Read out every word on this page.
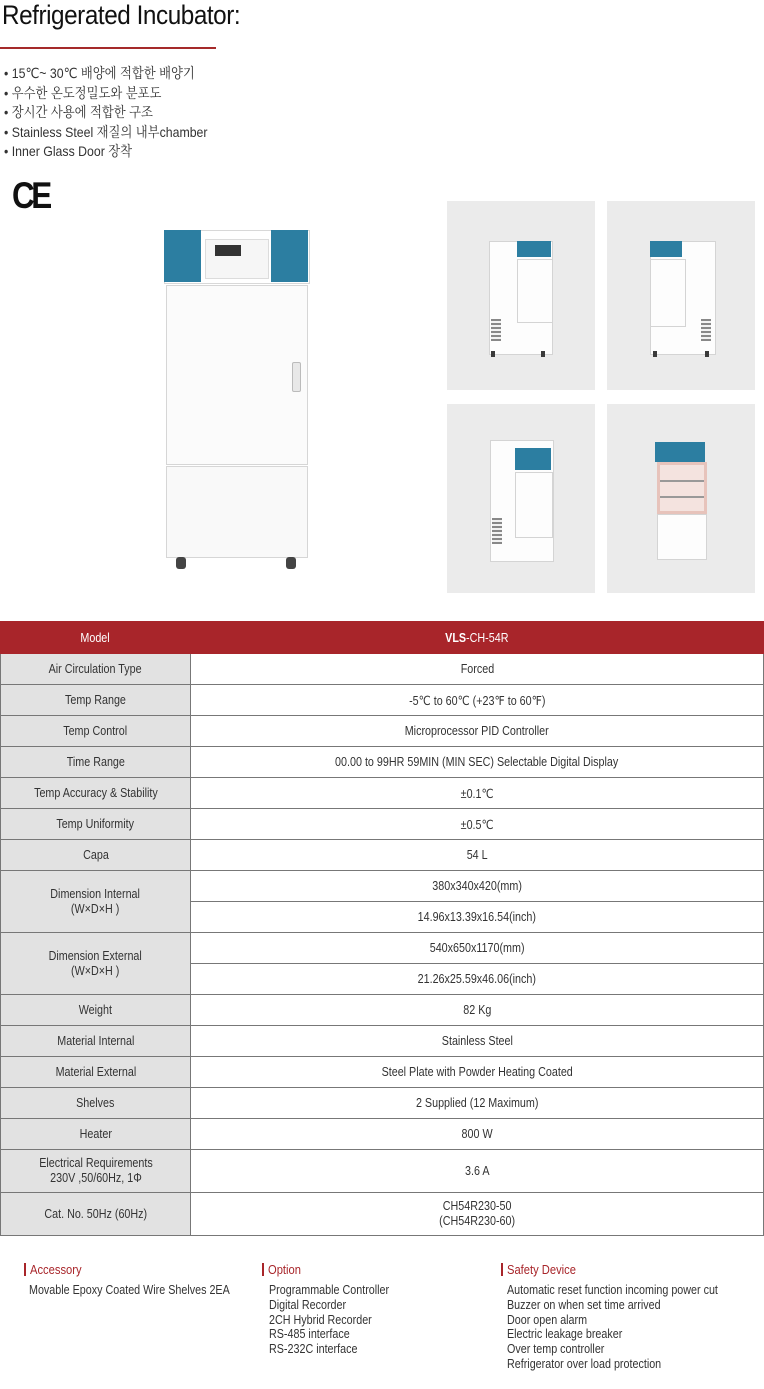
Refrigerated Incubator:
• 15℃~ 30℃ 배양에 적합한 배양기
• 우수한 온도정밀도와 분포도
• 장시간 사용에 적합한 구조
• Stainless Steel 재질의 내부chamber
• Inner Glass Door 장착
CE
Model	VLS-CH-54R
Air Circulation Type	Forced
Temp Range	-5℃ to 60℃ (+23℉ to 60℉)
Temp Control	Microprocessor PID Controller
Time Range	00.00 to 99HR 59MIN (MIN SEC) Selectable Digital Display
Temp Accuracy & Stability	±0.1℃
Temp Uniformity	±0.5℃
Capa	54 L

Dimension Internal
(W×D×H )	380x340x420(mm)
	14.96x13.39x16.54(inch)

Dimension External
(W×D×H )	540x650x1170(mm)
	21.26x25.59x46.06(inch)
Weight	82 Kg
Material Internal	Stainless Steel
Material External	Steel Plate with Powder Heating Coated
Shelves	2 Supplied (12 Maximum)
Heater	800 W

Electrical Requirements
230V ,50/60Hz, 1Φ	3.6 A
Cat. No. 50Hz (60Hz)	CH54R230-50
(CH54R230-60)
Accessory
Movable Epoxy Coated Wire Shelves 2EA
Option
Programmable Controller
Digital Recorder
2CH Hybrid Recorder
RS-485 interface
RS-232C interface
Safety Device
Automatic reset function incoming power cut
Buzzer on when set time arrived
Door open alarm
Electric leakage breaker
Over temp controller
Refrigerator over load protection
